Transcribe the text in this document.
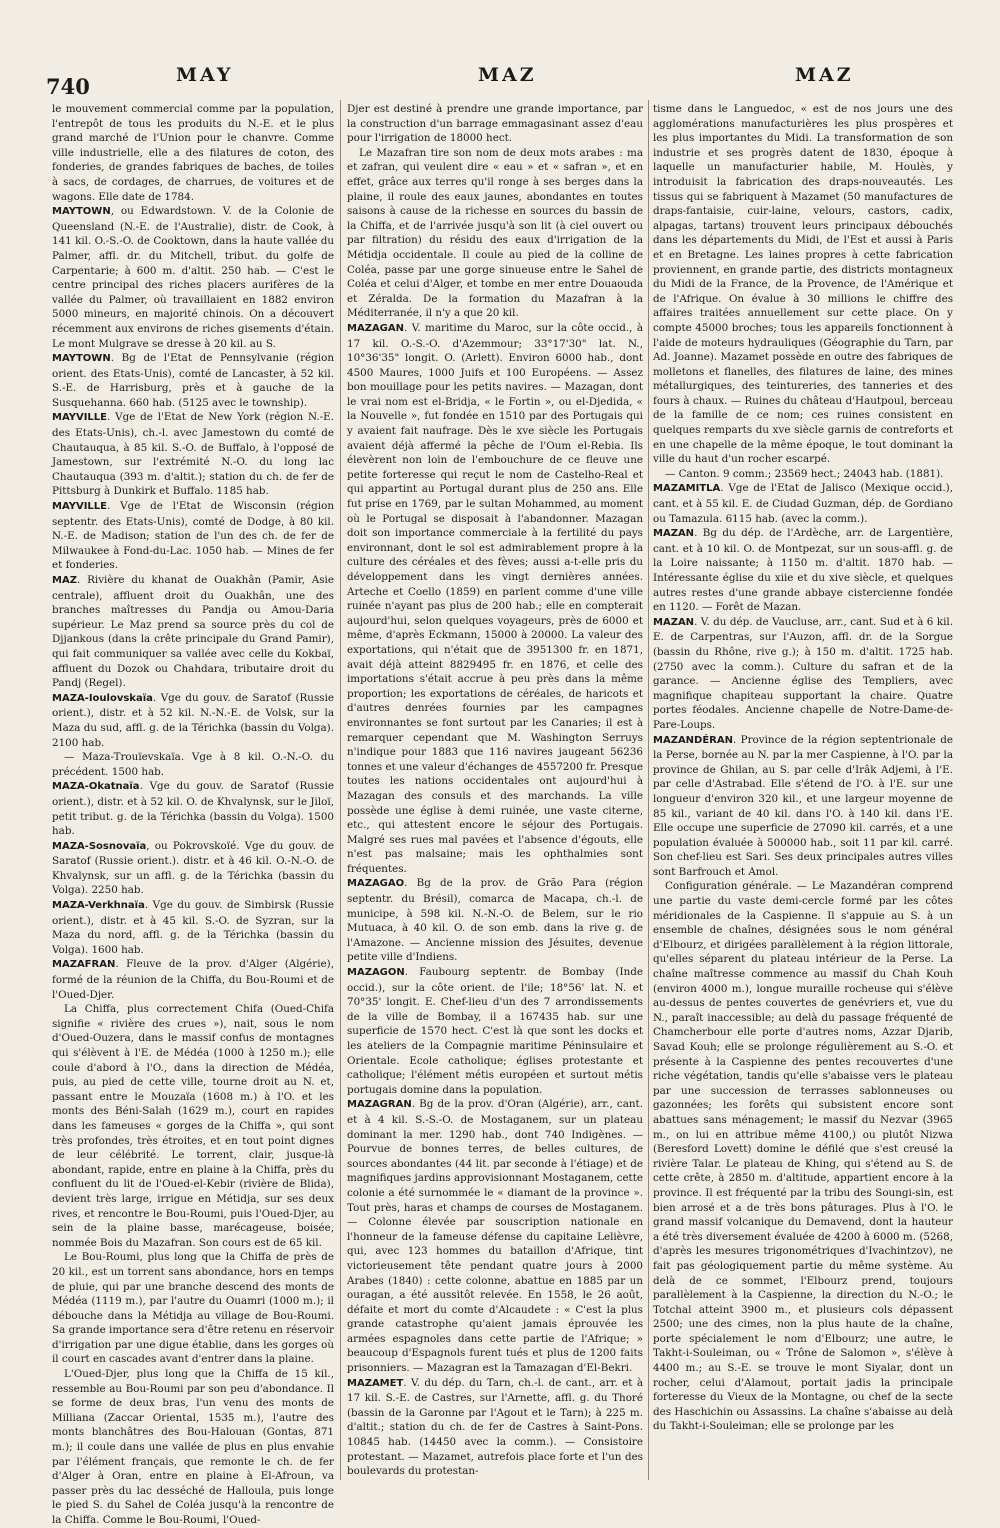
740	MAY	MAZ	MAZ

le mouvement commercial comme par la population, l'entrepôt de tous les produits du N.-E. et le plus grand marché de l'Union pour le chanvre. Comme ville industrielle, elle a des filatures de coton, des fonderies, de grandes fabriques de baches, de toiles à sacs, de cordages, de charrues, de voitures et de wagons. Elle date de 1784.

MAYTOWN, ou Edwardstown. V. de la Colonie de Queensland (N.-E. de l'Australie), distr. de Cook, à 141 kil. O.-S.-O. de Cooktown, dans la haute vallée du Palmer, affl. dr. du Mitchell, tribut. du golfe de Carpentarie; à 600 m. d'altit. 250 hab. — C'est le centre principal des riches placers aurifères de la vallée du Palmer, où travaillaient en 1882 environ 5000 mineurs, en majorité chinois. On a découvert récemment aux environs de riches gisements d'étain. Le mont Mulgrave se dresse à 20 kil. au S.

MAYTOWN. Bg de l'Etat de Pennsylvanie (région orient. des Etats-Unis), comté de Lancaster, à 52 kil. S.-E. de Harrisburg, près et à gauche de la Susquehanna. 660 hab. (5125 avec le township).

MAYVILLE. Vge de l'Etat de New York (région N.-E. des Etats-Unis), ch.-l. avec Jamestown du comté de Chautauqua, à 85 kil. S.-O. de Buffalo, à l'opposé de Jamestown, sur l'extrémité N.-O. du long lac Chautauqua (393 m. d'altit.); station du ch. de fer de Pittsburg à Dunkirk et Buffalo. 1185 hab.

MAYVILLE. Vge de l'Etat de Wisconsin (région septentr. des Etats-Unis), comté de Dodge, à 80 kil. N.-E. de Madison; station de l'un des ch. de fer de Milwaukee à Fond-du-Lac. 1050 hab. — Mines de fer et fonderies.

MAZ. Rivière du khanat de Ouakhân (Pamir, Asie centrale), affluent droit du Ouakhân, une des branches maîtresses du Pandja ou Amou-Daria supérieur. Le Maz prend sa source près du col de Djjankous (dans la crête principale du Grand Pamir), qui fait communiquer sa vallée avec celle du Kokbaï, affluent du Dozok ou Chahdara, tributaire droit du Pandj (Regel).

MAZA-Ioulovskaïa. Vge du gouv. de Saratof (Russie orient.), distr. et à 52 kil. N.-N.-E. de Volsk, sur la Maza du sud, affl. g. de la Térichka (bassin du Volga). 2100 hab.

— Maza-Trouïevskaïa. Vge à 8 kil. O.-N.-O. du précédent. 1500 hab.

MAZA-Okatnaïa. Vge du gouv. de Saratof (Russie orient.), distr. et à 52 kil. O. de Khvalynsk, sur le Jiloï, petit tribut. g. de la Térichka (bassin du Volga). 1500 hab.

MAZA-Sosnovaïa, ou Pokrovskoïé. Vge du gouv. de Saratof (Russie orient.). distr. et à 46 kil. O.-N.-O. de Khvalynsk, sur un affl. g. de la Térichka (bassin du Volga). 2250 hab.

MAZA-Verkhnaïa. Vge du gouv. de Simbirsk (Russie orient.), distr. et à 45 kil. S.-O. de Syzran, sur la Maza du nord, affl. g. de la Térichka (bassin du Volga). 1600 hab.

MAZAFRAN. Fleuve de la prov. d'Alger (Algérie), formé de la réunion de la Chiffa, du Bou-Roumi et de l'Oued-Djer.

La Chiffa, plus correctement Chifa (Oued-Chifa signifie « rivière des crues »), nait, sous le nom d'Oued-Ouzera, dans le massif confus de montagnes qui s'élèvent à l'E. de Médéa (1000 à 1250 m.); elle coule d'abord à l'O., dans la direction de Médéa, puis, au pied de cette ville, tourne droit au N. et, passant entre le Mouzaïa (1608 m.) à l'O. et les monts des Béni-Salah (1629 m.), court en rapides dans les fameuses « gorges de la Chiffa », qui sont très profondes, très étroites, et en tout point dignes de leur célébrité. Le torrent, clair, jusque-là abondant, rapide, entre en plaine à la Chiffa, près du confluent du lit de l'Oued-el-Kebir (rivière de Blida), devient très large, irrigue en Métidja, sur ses deux rives, et rencontre le Bou-Roumi, puis l'Oued-Djer, au sein de la plaine basse, marécageuse, boisée, nommée Bois du Mazafran. Son cours est de 65 kil.

Le Bou-Roumi, plus long que la Chiffa de près de 20 kil., est un torrent sans abondance, hors en temps de pluie, qui par une branche descend des monts de Médéa (1119 m.), par l'autre du Ouamri (1000 m.); il débouche dans la Métidja au village de Bou-Roumi. Sa grande importance sera d'être retenu en réservoir d'irrigation par une digue établie, dans les gorges où il court en cascades avant d'entrer dans la plaine.

L'Oued-Djer, plus long que la Chiffa de 15 kil., ressemble au Bou-Roumi par son peu d'abondance. Il se forme de deux bras, l'un venu des monts de Milliana (Zaccar Oriental, 1535 m.), l'autre des monts blanchâtres des Bou-Halouan (Gontas, 871 m.); il coule dans une vallée de plus en plus envahie par l'élément français, que remonte le ch. de fer d'Alger à Oran, entre en plaine à El-Afroun, va passer près du lac desséché de Halloula, puis longe le pied S. du Sahel de Coléa jusqu'à la rencontre de la Chiffa. Comme le Bou-Roumi, l'Oued-

Djer est destiné à prendre une grande importance, par la construction d'un barrage emmagasinant assez d'eau pour l'irrigation de 18000 hect.

Le Mazafran tire son nom de deux mots arabes : ma et zafran, qui veulent dire « eau » et « safran », et en effet, grâce aux terres qu'il ronge à ses berges dans la plaine, il roule des eaux jaunes, abondantes en toutes saisons à cause de la richesse en sources du bassin de la Chiffa, et de l'arrivée jusqu'à son lit (à ciel ouvert ou par filtration) du résidu des eaux d'irrigation de la Métidja occidentale. Il coule au pied de la colline de Coléa, passe par une gorge sinueuse entre le Sahel de Coléa et celui d'Alger, et tombe en mer entre Douaouda et Zéralda. De la formation du Mazafran à la Méditerranée, il n'y a que 20 kil.

MAZAGAN. V. maritime du Maroc, sur la côte occid., à 17 kil. O.-S.-O. d'Azemmour; 33°17'30" lat. N., 10°36'35" longit. O. (Arlett). Environ 6000 hab., dont 4500 Maures, 1000 Juifs et 100 Européens. — Assez bon mouillage pour les petits navires. — Mazagan, dont le vrai nom est el-Bridja, « le Fortin », ou el-Djedida, « la Nouvelle », fut fondée en 1510 par des Portugais qui y avaient fait naufrage. Dès le xve siècle les Portugais avaient déjà affermé la pêche de l'Oum el-Rebia. Ils élevèrent non loin de l'embouchure de ce fleuve une petite forteresse qui reçut le nom de Castelho-Real et qui appartint au Portugal durant plus de 250 ans. Elle fut prise en 1769, par le sultan Mohammed, au moment où le Portugal se disposait à l'abandonner. Mazagan doit son importance commerciale à la fertilité du pays environnant, dont le sol est admirablement propre à la culture des céréales et des fèves; aussi a-t-elle pris du développement dans les vingt dernières années. Arteche et Coello (1859) en parlent comme d'une ville ruinée n'ayant pas plus de 200 hab.; elle en compterait aujourd'hui, selon quelques voyageurs, près de 6000 et même, d'après Eckmann, 15000 à 20000. La valeur des exportations, qui n'était que de 3951300 fr. en 1871, avait déjà atteint 8829495 fr. en 1876, et celle des importations s'était accrue à peu près dans la même proportion; les exportations de céréales, de haricots et d'autres denrées fournies par les campagnes environnantes se font surtout par les Canaries; il est à remarquer cependant que M. Washington Serruys n'indique pour 1883 que 116 navires jaugeant 56236 tonnes et une valeur d'échanges de 4557200 fr. Presque toutes les nations occidentales ont aujourd'hui à Mazagan des consuls et des marchands. La ville possède une église à demi ruinée, une vaste citerne, etc., qui attestent encore le séjour des Portugais. Malgré ses rues mal pavées et l'absence d'égouts, elle n'est pas malsaine; mais les ophthalmies sont fréquentes.

MAZAGAO. Bg de la prov. de Grão Para (région septentr. du Brésil), comarca de Macapa, ch.-l. de municipe, à 598 kil. N.-N.-O. de Belem, sur le rio Mutuaca, à 40 kil. O. de son emb. dans la rive g. de l'Amazone. — Ancienne mission des Jésuites, devenue petite ville d'Indiens.

MAZAGON. Faubourg septentr. de Bombay (Inde occid.), sur la côte orient. de l'ile; 18°56' lat. N. et 70°35' longit. E. Chef-lieu d'un des 7 arrondissements de la ville de Bombay, il a 167435 hab. sur une superficie de 1570 hect. C'est là que sont les docks et les ateliers de la Compagnie maritime Péninsulaire et Orientale. Ecole catholique; églises protestante et catholique; l'élément métis européen et surtout métis portugais domine dans la population.

MAZAGRAN. Bg de la prov. d'Oran (Algérie), arr., cant. et à 4 kil. S.-S.-O. de Mostaganem, sur un plateau dominant la mer. 1290 hab., dont 740 Indigènes. — Pourvue de bonnes terres, de belles cultures, de sources abondantes (44 lit. par seconde à l'étiage) et de magnifiques jardins approvisionnant Mostaganem, cette colonie a été surnommée le « diamant de la province ». Tout près, haras et champs de courses de Mostaganem. — Colonne élevée par souscription nationale en l'honneur de la fameuse défense du capitaine Lelièvre, qui, avec 123 hommes du bataillon d'Afrique, tint victorieusement tête pendant quatre jours à 2000 Arabes (1840) : cette colonne, abattue en 1885 par un ouragan, a été aussitôt relevée. En 1558, le 26 août, défaite et mort du comte d'Alcaudete : « C'est la plus grande catastrophe qu'aient jamais éprouvée les armées espagnoles dans cette partie de l'Afrique; » beaucoup d'Espagnols furent tués et plus de 1200 faits prisonniers. — Mazagran est la Tamazagan d'El-Bekri.

MAZAMET. V. du dép. du Tarn, ch.-l. de cant., arr. et à 17 kil. S.-E. de Castres, sur l'Arnette, affl. g. du Thoré (bassin de la Garonne par l'Agout et le Tarn); à 225 m. d'altit.; station du ch. de fer de Castres à Saint-Pons. 10845 hab. (14450 avec la comm.). — Consistoire protestant. — Mazamet, autrefois place forte et l'un des boulevards du protestan-

tisme dans le Languedoc, « est de nos jours une des agglomérations manufacturières les plus prospères et les plus importantes du Midi. La transformation de son industrie et ses progrès datent de 1830, époque à laquelle un manufacturier habile, M. Houlès, y introduisit la fabrication des draps-nouveautés. Les tissus qui se fabriquent à Mazamet (50 manufactures de draps-fantaisie, cuir-laine, velours, castors, cadix, alpagas, tartans) trouvent leurs principaux débouchés dans les départements du Midi, de l'Est et aussi à Paris et en Bretagne. Les laines propres à cette fabrication proviennent, en grande partie, des districts montagneux du Midi de la France, de la Provence, de l'Amérique et de l'Afrique. On évalue à 30 millions le chiffre des affaires traitées annuellement sur cette place. On y compte 45000 broches; tous les appareils fonctionnent à l'aide de moteurs hydrauliques (Géographie du Tarn, par Ad. Joanne). Mazamet possède en outre des fabriques de molletons et flanelles, des filatures de laine, des mines métallurgiques, des teintureries, des tanneries et des fours à chaux. — Ruines du château d'Hautpoul, berceau de la famille de ce nom; ces ruines consistent en quelques remparts du xve siècle garnis de contreforts et en une chapelle de la même époque, le tout dominant la ville du haut d'un rocher escarpé.

— Canton. 9 comm.; 23569 hect.; 24043 hab. (1881).

MAZAMITLA. Vge de l'Etat de Jalisco (Mexique occid.), cant. et à 55 kil. E. de Ciudad Guzman, dép. de Gordiano ou Tamazula. 6115 hab. (avec la comm.).

MAZAN. Bg du dép. de l'Ardèche, arr. de Largentière, cant. et à 10 kil. O. de Montpezat, sur un sous-affl. g. de la Loire naissante; à 1150 m. d'altit. 1870 hab. — Intéressante église du xiie et du xive siècle, et quelques autres restes d'une grande abbaye cistercienne fondée en 1120. — Forêt de Mazan.

MAZAN. V. du dép. de Vaucluse, arr., cant. Sud et à 6 kil. E. de Carpentras, sur l'Auzon, affl. dr. de la Sorgue (bassin du Rhône, rive g.); à 150 m. d'altit. 1725 hab. (2750 avec la comm.). Culture du safran et de la garance. — Ancienne église des Templiers, avec magnifique chapiteau supportant la chaire. Quatre portes féodales. Ancienne chapelle de Notre-Dame-de-Pare-Loups.

MAZANDÉRAN. Province de la région septentrionale de la Perse, bornée au N. par la mer Caspienne, à l'O. par la province de Ghilan, au S. par celle d'Irâk Adjemi, à l'E. par celle d'Astrabad. Elle s'étend de l'O. à l'E. sur une longueur d'environ 320 kil., et une largeur moyenne de 85 kil., variant de 40 kil. dans l'O. à 140 kil. dans l'E. Elle occupe une superficie de 27090 kil. carrés, et a une population évaluée à 500000 hab., soit 11 par kil. carré. Son chef-lieu est Sari. Ses deux principales autres villes sont Barfrouch et Amol.

Configuration générale. — Le Mazandéran comprend une partie du vaste demi-cercle formé par les côtes méridionales de la Caspienne. Il s'appuie au S. à un ensemble de chaînes, désignées sous le nom général d'Elbourz, et dirigées parallèlement à la région littorale, qu'elles séparent du plateau intérieur de la Perse. La chaîne maîtresse commence au massif du Chah Kouh (environ 4000 m.), longue muraille rocheuse qui s'élève au-dessus de pentes couvertes de genévriers et, vue du N., paraît inaccessible; au delà du passage fréquenté de Chamcherbour elle porte d'autres noms, Azzar Djarib, Savad Kouh; elle se prolonge régulièrement au S.-O. et présente à la Caspienne des pentes recouvertes d'une riche végétation, tandis qu'elle s'abaisse vers le plateau par une succession de terrasses sablonneuses ou gazonnées; les forêts qui subsistent encore sont abattues sans ménagement; le massif du Nezvar (3965 m., on lui en attribue même 4100,) ou plutôt Nizwa (Beresford Lovett) domine le défilé que s'est creusé la rivière Talar. Le plateau de Khing, qui s'étend au S. de cette crête, à 2850 m. d'altitude, appartient encore à la province. Il est fréquenté par la tribu des Soungi-sin, est bien arrosé et a de très bons pâturages. Plus à l'O. le grand massif volcanique du Demavend, dont la hauteur a été très diversement évaluée de 4200 à 6000 m. (5268, d'après les mesures trigonométriques d'Ivachintzov), ne fait pas géologiquement partie du même système. Au delà de ce sommet, l'Elbourz prend, toujours parallèlement à la Caspienne, la direction du N.-O.; le Totchal atteint 3900 m., et plusieurs cols dépassent 2500; une des cimes, non la plus haute de la chaîne, porte spécialement le nom d'Elbourz; une autre, le Takht-i-Souleiman, ou « Trône de Salomon », s'élève à 4400 m.; au S.-E. se trouve le mont Siyalar, dont un rocher, celui d'Alamout, portait jadis la principale forteresse du Vieux de la Montagne, ou chef de la secte des Haschichin ou Assassins. La chaîne s'abaisse au delà du Takht-i-Souleiman; elle se prolonge par les
